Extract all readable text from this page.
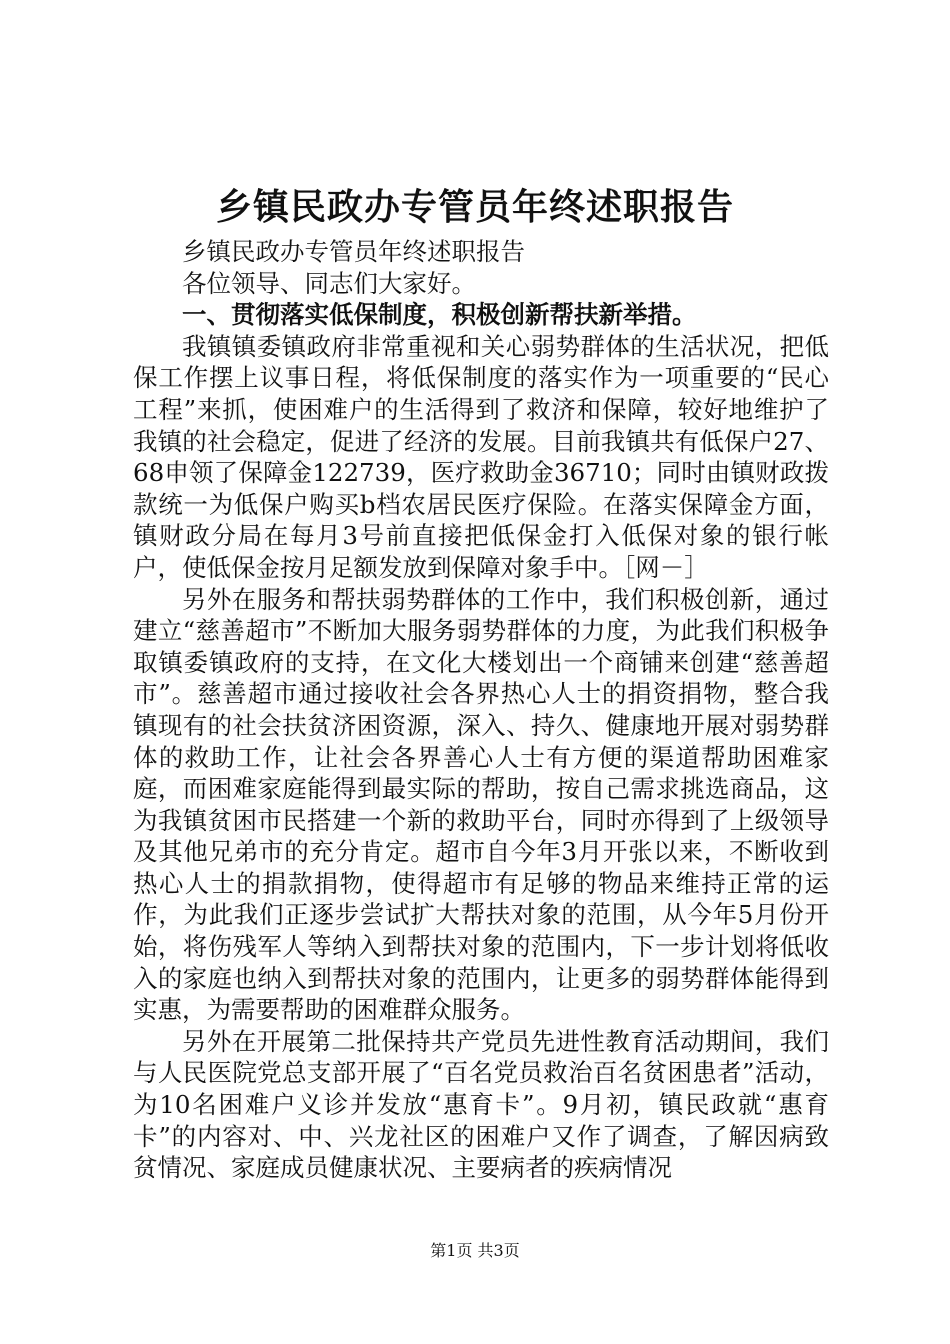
乡镇民政办专管员年终述职报告

乡镇民政办专管员年终述职报告

各位领导、同志们大家好。

一、贯彻落实低保制度，积极创新帮扶新举措。

我镇镇委镇政府非常重视和关心弱势群体的生活状况，把低保工作摆上议事日程，将低保制度的落实作为一项重要的“民心工程”来抓，使困难户的生活得到了救济和保障，较好地维护了我镇的社会稳定，促进了经济的发展。目前我镇共有低保户27、68申领了保障金122739，医疗救助金36710；同时由镇财政拨款统一为低保户购买b档农居民医疗保险。在落实保障金方面，镇财政分局在每月3号前直接把低保金打入低保对象的银行帐户，使低保金按月足额发放到保障对象手中。［网－］

另外在服务和帮扶弱势群体的工作中，我们积极创新，通过建立“慈善超市”不断加大服务弱势群体的力度，为此我们积极争取镇委镇政府的支持，在文化大楼划出一个商铺来创建“慈善超市”。慈善超市通过接收社会各界热心人士的捐资捐物，整合我镇现有的社会扶贫济困资源，深入、持久、健康地开展对弱势群体的救助工作，让社会各界善心人士有方便的渠道帮助困难家庭，而困难家庭能得到最实际的帮助，按自己需求挑选商品，这为我镇贫困市民搭建一个新的救助平台，同时亦得到了上级领导及其他兄弟市的充分肯定。超市自今年3月开张以来，不断收到热心人士的捐款捐物，使得超市有足够的物品来维持正常的运作，为此我们正逐步尝试扩大帮扶对象的范围，从今年5月份开始，将伤残军人等纳入到帮扶对象的范围内，下一步计划将低收入的家庭也纳入到帮扶对象的范围内，让更多的弱势群体能得到实惠，为需要帮助的困难群众服务。

另外在开展第二批保持共产党员先进性教育活动期间，我们与人民医院党总支部开展了“百名党员救治百名贫困患者”活动，为10名困难户义诊并发放“惠育卡”。9月初，镇民政就“惠育卡”的内容对、中、兴龙社区的困难户又作了调查，了解因病致贫情况、家庭成员健康状况、主要病者的疾病情况

第1页 共3页
